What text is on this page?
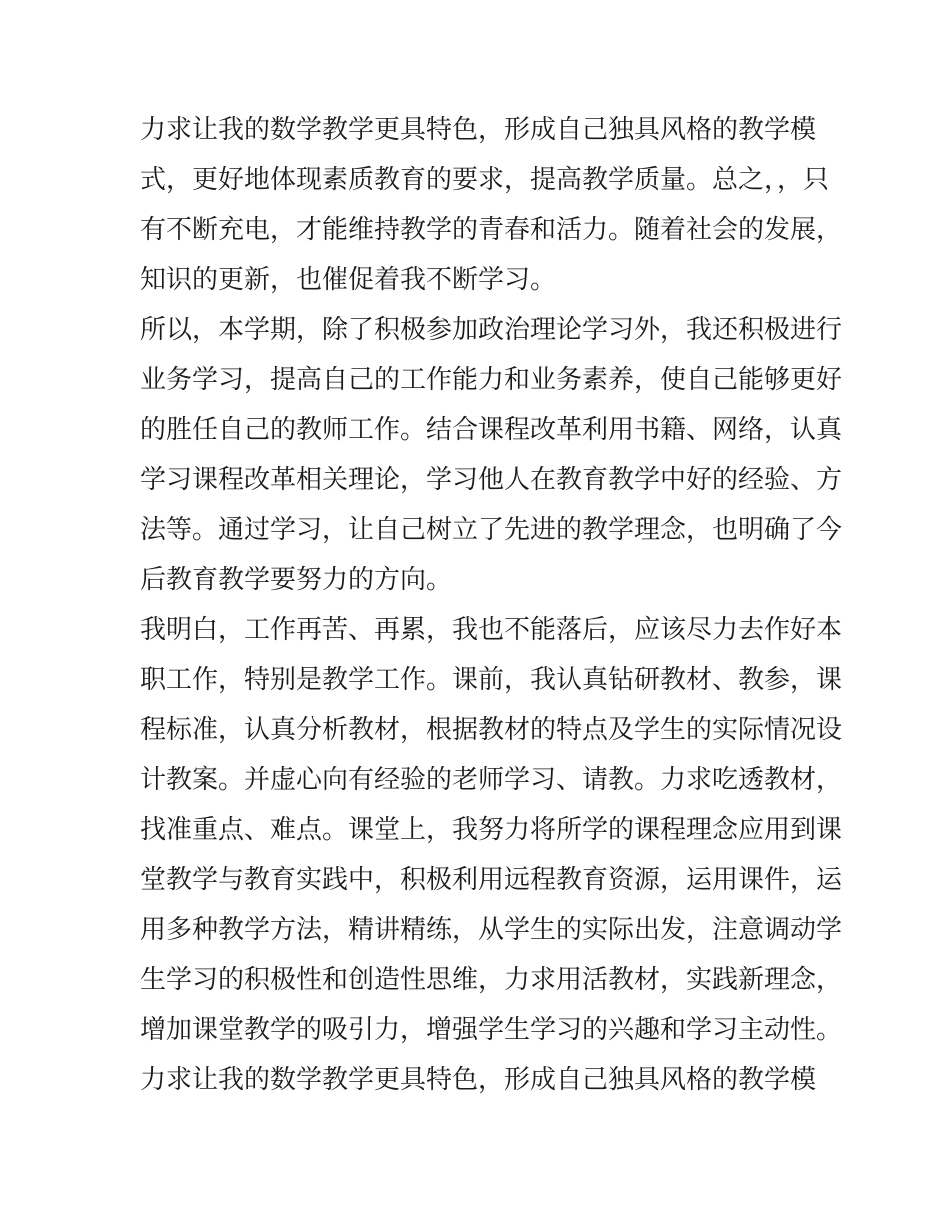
力求让我的数学教学更具特色，形成自己独具风格的教学模
式，更好地体现素质教育的要求，提高教学质量。总之，，只
有不断充电，才能维持教学的青春和活力。随着社会的发展，
知识的更新，也催促着我不断学习。
所以，本学期，除了积极参加政治理论学习外，我还积极进行
业务学习，提高自己的工作能力和业务素养，使自己能够更好
的胜任自己的教师工作。结合课程改革利用书籍、网络，认真
学习课程改革相关理论，学习他人在教育教学中好的经验、方
法等。通过学习，让自己树立了先进的教学理念，也明确了今
后教育教学要努力的方向。
我明白，工作再苦、再累，我也不能落后，应该尽力去作好本
职工作，特别是教学工作。课前，我认真钻研教材、教参，课
程标准，认真分析教材，根据教材的特点及学生的实际情况设
计教案。并虚心向有经验的老师学习、请教。力求吃透教材，
找准重点、难点。课堂上，我努力将所学的课程理念应用到课
堂教学与教育实践中，积极利用远程教育资源，运用课件，运
用多种教学方法，精讲精练，从学生的实际出发，注意调动学
生学习的积极性和创造性思维，力求用活教材，实践新理念，
增加课堂教学的吸引力，增强学生学习的兴趣和学习主动性。
力求让我的数学教学更具特色，形成自己独具风格的教学模
